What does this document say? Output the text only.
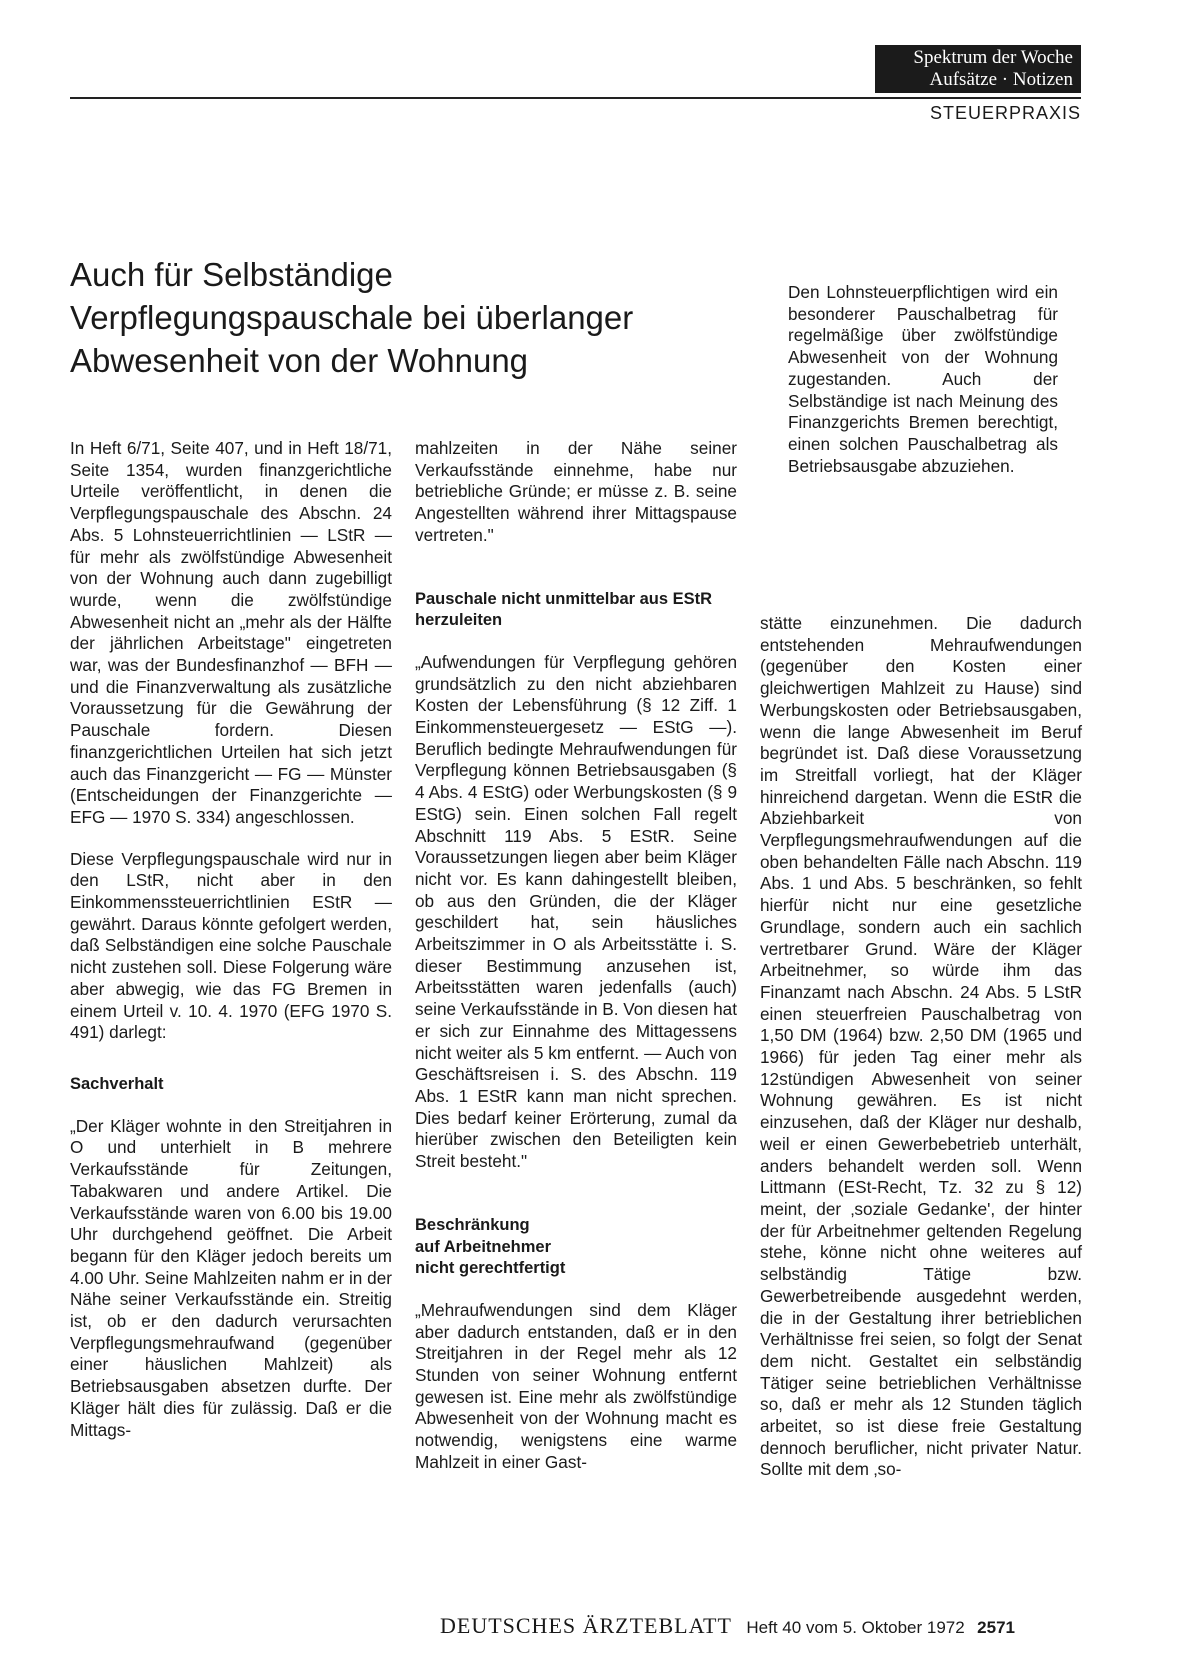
Spektrum der Woche
Aufsätze · Notizen
STEUERPRAXIS
Auch für Selbständige
Verpflegungspauschale bei überlanger
Abwesenheit von der Wohnung

Den Lohnsteuerpflichtigen wird ein besonderer Pauschalbetrag für regelmäßige über zwölfstündige Abwesenheit von der Wohnung zugestanden. Auch der Selbständige ist nach Meinung des Finanzgerichts Bremen berechtigt, einen solchen Pauschalbetrag als Betriebsausgabe abzuziehen.

In Heft 6/71, Seite 407, und in Heft 18/71, Seite 1354, wurden finanzgerichtliche Urteile veröffentlicht, in denen die Verpflegungspauschale des Abschn. 24 Abs. 5 Lohnsteuerrichtlinien — LStR — für mehr als zwölfstündige Abwesenheit von der Wohnung auch dann zugebilligt wurde, wenn die zwölfstündige Abwesenheit nicht an „mehr als der Hälfte der jährlichen Arbeitstage" eingetreten war, was der Bundesfinanzhof — BFH — und die Finanzverwaltung als zusätzliche Voraussetzung für die Gewährung der Pauschale fordern. Diesen finanzgerichtlichen Urteilen hat sich jetzt auch das Finanzgericht — FG — Münster (Entscheidungen der Finanzgerichte — EFG — 1970 S. 334) angeschlossen.

Diese Verpflegungspauschale wird nur in den LStR, nicht aber in den Einkommenssteuerrichtlinien EStR — gewährt. Daraus könnte gefolgert werden, daß Selbständigen eine solche Pauschale nicht zustehen soll. Diese Folgerung wäre aber abwegig, wie das FG Bremen in einem Urteil v. 10. 4. 1970 (EFG 1970 S. 491) darlegt:

Sachverhalt

„Der Kläger wohnte in den Streitjahren in O und unterhielt in B mehrere Verkaufsstände für Zeitungen, Tabakwaren und andere Artikel. Die Verkaufsstände waren von 6.00 bis 19.00 Uhr durchgehend geöffnet. Die Arbeit begann für den Kläger jedoch bereits um 4.00 Uhr. Seine Mahlzeiten nahm er in der Nähe seiner Verkaufsstände ein. Streitig ist, ob er den dadurch verursachten Verpflegungsmehraufwand (gegenüber einer häuslichen Mahlzeit) als Betriebsausgaben absetzen durfte. Der Kläger hält dies für zulässig. Daß er die Mittags-

mahlzeiten in der Nähe seiner Verkaufsstände einnehme, habe nur betriebliche Gründe; er müsse z. B. seine Angestellten während ihrer Mittagspause vertreten."

Pauschale nicht unmittelbar aus EStR herzuleiten

„Aufwendungen für Verpflegung gehören grundsätzlich zu den nicht abziehbaren Kosten der Lebensführung (§ 12 Ziff. 1 Einkommensteuergesetz — EStG —). Beruflich bedingte Mehraufwendungen für Verpflegung können Betriebsausgaben (§ 4 Abs. 4 EStG) oder Werbungskosten (§ 9 EStG) sein. Einen solchen Fall regelt Abschnitt 119 Abs. 5 EStR. Seine Voraussetzungen liegen aber beim Kläger nicht vor. Es kann dahingestellt bleiben, ob aus den Gründen, die der Kläger geschildert hat, sein häusliches Arbeitszimmer in O als Arbeitsstätte i. S. dieser Bestimmung anzusehen ist, Arbeitsstätten waren jedenfalls (auch) seine Verkaufsstände in B. Von diesen hat er sich zur Einnahme des Mittagessens nicht weiter als 5 km entfernt. — Auch von Geschäftsreisen i. S. des Abschn. 119 Abs. 1 EStR kann man nicht sprechen. Dies bedarf keiner Erörterung, zumal da hierüber zwischen den Beteiligten kein Streit besteht."

Beschränkung
auf Arbeitnehmer
nicht gerechtfertigt

„Mehraufwendungen sind dem Kläger aber dadurch entstanden, daß er in den Streitjahren in der Regel mehr als 12 Stunden von seiner Wohnung entfernt gewesen ist. Eine mehr als zwölfstündige Abwesenheit von der Wohnung macht es notwendig, wenigstens eine warme Mahlzeit in einer Gast-

stätte einzunehmen. Die dadurch entstehenden Mehraufwendungen (gegenüber den Kosten einer gleichwertigen Mahlzeit zu Hause) sind Werbungskosten oder Betriebsausgaben, wenn die lange Abwesenheit im Beruf begründet ist. Daß diese Voraussetzung im Streitfall vorliegt, hat der Kläger hinreichend dargetan. Wenn die EStR die Abziehbarkeit von Verpflegungsmehraufwendungen auf die oben behandelten Fälle nach Abschn. 119 Abs. 1 und Abs. 5 beschränken, so fehlt hierfür nicht nur eine gesetzliche Grundlage, sondern auch ein sachlich vertretbarer Grund. Wäre der Kläger Arbeitnehmer, so würde ihm das Finanzamt nach Abschn. 24 Abs. 5 LStR einen steuerfreien Pauschalbetrag von 1,50 DM (1964) bzw. 2,50 DM (1965 und 1966) für jeden Tag einer mehr als 12stündigen Abwesenheit von seiner Wohnung gewähren. Es ist nicht einzusehen, daß der Kläger nur deshalb, weil er einen Gewerbebetrieb unterhält, anders behandelt werden soll. Wenn Littmann (ESt-Recht, Tz. 32 zu § 12) meint, der ‚soziale Gedanke', der hinter der für Arbeitnehmer geltenden Regelung stehe, könne nicht ohne weiteres auf selbständig Tätige bzw. Gewerbetreibende ausgedehnt werden, die in der Gestaltung ihrer betrieblichen Verhältnisse frei seien, so folgt der Senat dem nicht. Gestaltet ein selbständig Tätiger seine betrieblichen Verhältnisse so, daß er mehr als 12 Stunden täglich arbeitet, so ist diese freie Gestaltung dennoch beruflicher, nicht privater Natur. Sollte mit dem ‚so-

DEUTSCHES ÄRZTEBLATT Heft 40 vom 5. Oktober 1972 2571
